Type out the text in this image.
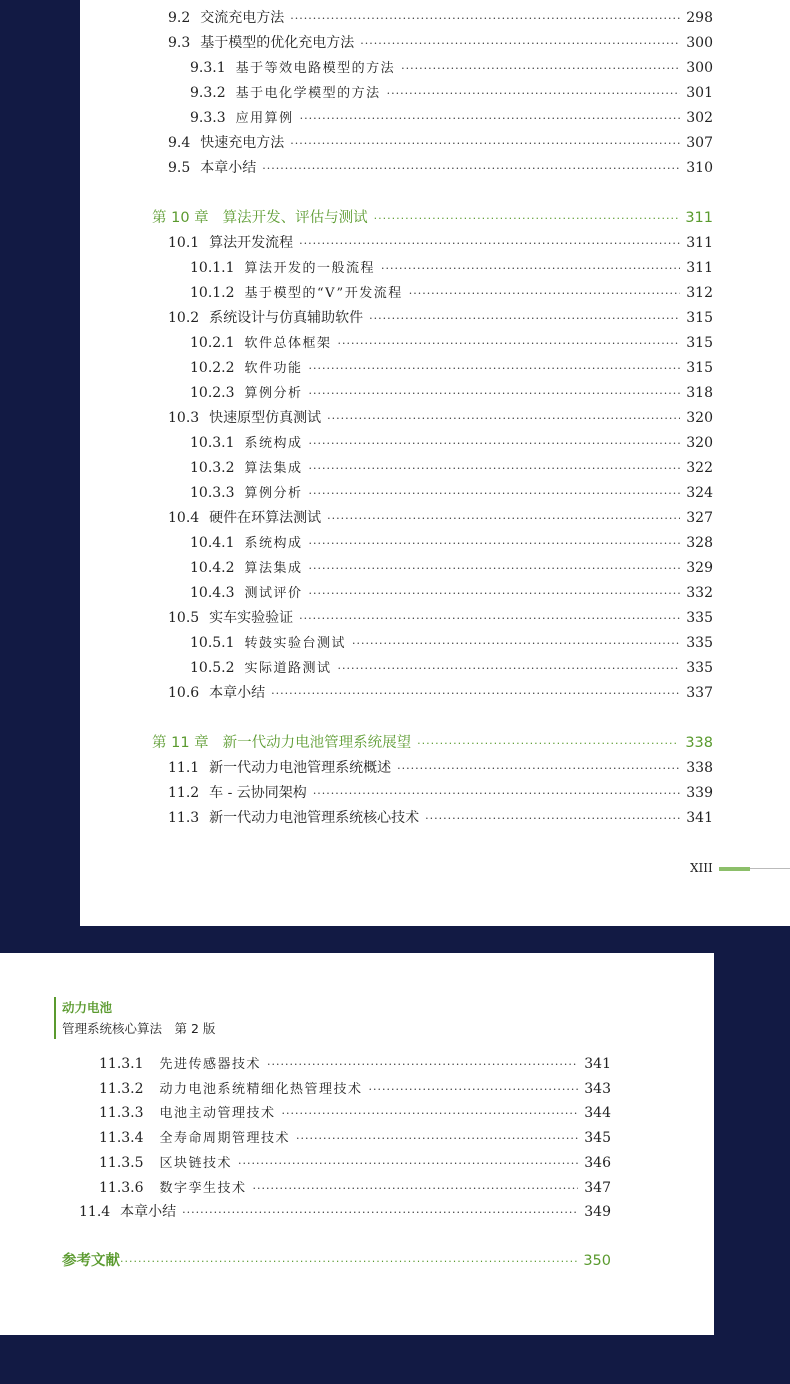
9.2 交流充电方法 ·····	298
9.3 基于模型的优化充电方法 ·····	300
9.3.1 基于等效电路模型的方法 ·····	300
9.3.2 基于电化学模型的方法 ·····	301
9.3.3 应用算例 ·····	302
9.4 快速充电方法 ·····	307
9.5 本章小结 ·····	310
第 10 章 算法开发、评估与测试 ·····	311
10.1 算法开发流程 ·····	311
10.1.1 算法开发的一般流程 ·····	311
10.1.2 基于模型的“V”开发流程 ·····	312
10.2 系统设计与仿真辅助软件 ·····	315
10.2.1 软件总体框架 ·····	315
10.2.2 软件功能 ·····	315
10.2.3 算例分析 ·····	318
10.3 快速原型仿真测试 ·····	320
10.3.1 系统构成 ·····	320
10.3.2 算法集成 ·····	322
10.3.3 算例分析 ·····	324
10.4 硬件在环算法测试 ·····	327
10.4.1 系统构成 ·····	328
10.4.2 算法集成 ·····	329
10.4.3 测试评价 ·····	332
10.5 实车实验验证 ·····	335
10.5.1 转鼓实验台测试 ·····	335
10.5.2 实际道路测试 ·····	335
10.6 本章小结 ·····	337
第 11 章 新一代动力电池管理系统展望 ·····	338
11.1 新一代动力电池管理系统概述 ·····	338
11.2 车 - 云协同架构 ·····	339
11.3 新一代动力电池管理系统核心技术 ·····	341
XIII
11.3.1 先进传感器技术 ·····	341
11.3.2 动力电池系统精细化热管理技术 ·····	343
11.3.3 电池主动管理技术 ·····	344
11.3.4 全寿命周期管理技术 ·····	345
11.3.5 区块链技术 ·····	346
11.3.6 数字孪生技术 ·····	347
11.4 本章小结 ·····	349
参考文献 ·····	350
动力电池
管理系统核心算法　第 2 版
